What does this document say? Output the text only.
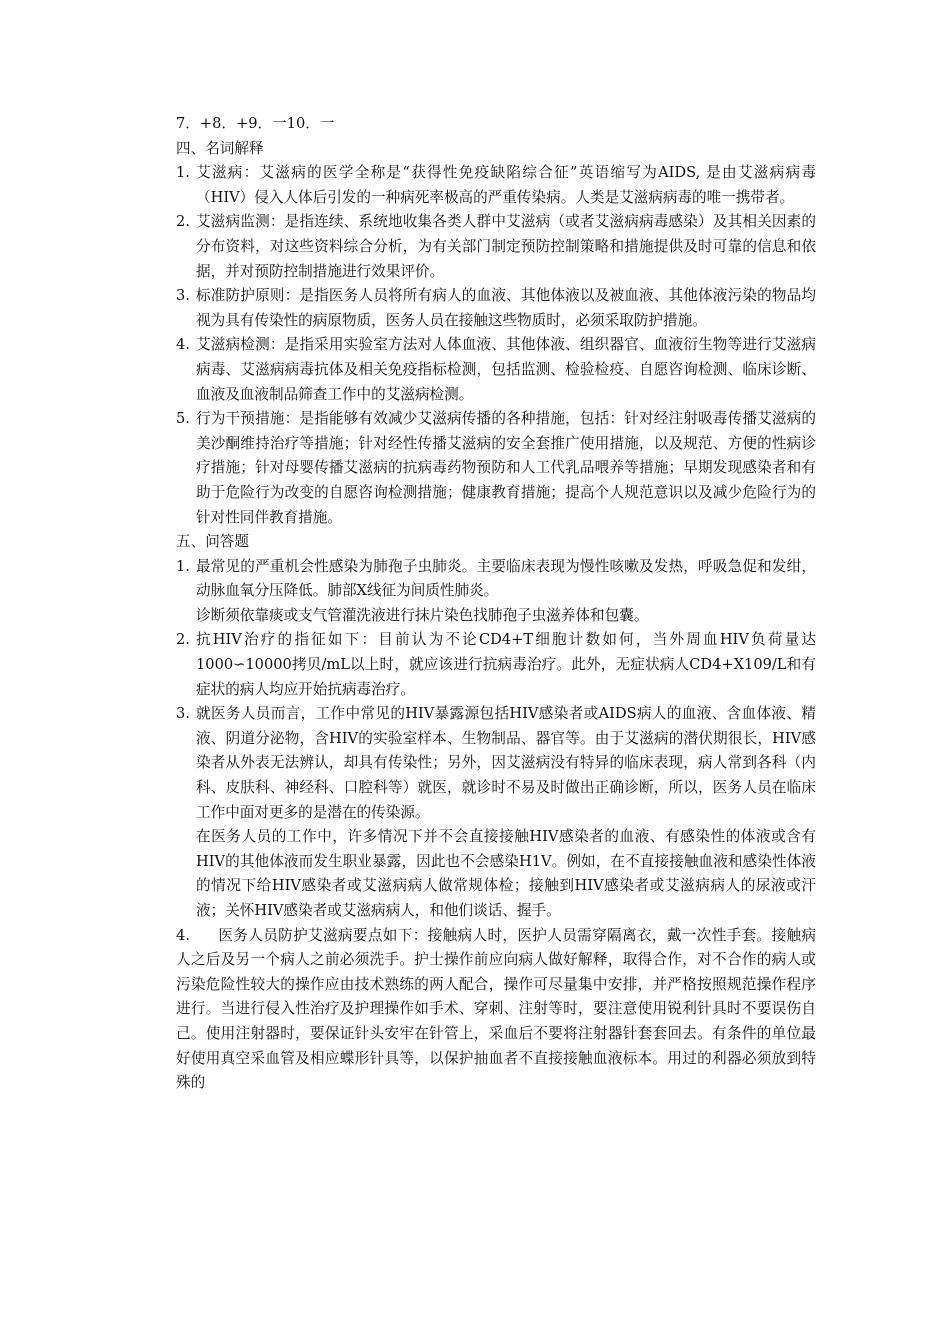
7．+8．+9．一10．一

四、名词解释

1. 艾滋病：艾滋病的医学全称是“获得性免疫缺陷综合征”英语缩写为AIDS, 是由艾滋病病毒（HIV）侵入人体后引发的一种病死率极高的严重传染病。人类是艾滋病病毒的唯一携带者。
2. 艾滋病监测：是指连续、系统地收集各类人群中艾滋病（或者艾滋病病毒感染）及其相关因素的分布资料，对这些资料综合分析，为有关部门制定预防控制策略和措施提供及时可靠的信息和依据，并对预防控制措施进行效果评价。
3. 标准防护原则：是指医务人员将所有病人的血液、其他体液以及被血液、其他体液污染的物品均视为具有传染性的病原物质，医务人员在接触这些物质时，必须采取防护措施。
4. 艾滋病检测：是指采用实验室方法对人体血液、其他体液、组织器官、血液衍生物等进行艾滋病病毒、艾滋病病毒抗体及相关免疫指标检测，包括监测、检验检疫、自愿咨询检测、临床诊断、血液及血液制品筛查工作中的艾滋病检测。
5. 行为干预措施：是指能够有效减少艾滋病传播的各种措施，包括：针对经注射吸毒传播艾滋病的美沙酮维持治疗等措施；针对经性传播艾滋病的安全套推广使用措施，以及规范、方便的性病诊疗措施；针对母婴传播艾滋病的抗病毒药物预防和人工代乳品喂养等措施；早期发现感染者和有助于危险行为改变的自愿咨询检测措施；健康教育措施；提高个人规范意识以及减少危险行为的针对性同伴教育措施。

五、问答题

1. 最常见的严重机会性感染为肺孢子虫肺炎。主要临床表现为慢性咳嗽及发热，呼吸急促和发绀，动脉血氧分压降低。肺部X线征为间质性肺炎。

诊断须依靠痰或支气管灌洗液进行抹片染色找肺孢子虫滋养体和包囊。

2. 抗HIV治疗的指征如下：目前认为不论CD4+T细胞计数如何，当外周血HIV负荷量达1000∽10000拷贝/mL以上时，就应该进行抗病毒治疗。此外，无症状病人CD4+X109/L和有症状的病人均应开始抗病毒治疗。
3. 就医务人员而言，工作中常见的HIV暴露源包括HIV感染者或AIDS病人的血液、含血体液、精液、阴道分泌物，含HIV的实验室样本、生物制品、器官等。由于艾滋病的潜伏期很长，HIV感染者从外表无法辨认，却具有传染性；另外，因艾滋病没有特异的临床表现，病人常到各科（内科、皮肤科、神经科、口腔科等）就医，就诊时不易及时做出正确诊断，所以，医务人员在临床工作中面对更多的是潜在的传染源。

在医务人员的工作中，许多情况下并不会直接接触HIV感染者的血液、有感染性的体液或含有HIV的其他体液而发生职业暴露，因此也不会感染H1V。例如，在不直接接触血液和感染性体液的情况下给HIV感染者或艾滋病病人做常规体检；接触到HIV感染者或艾滋病病人的尿液或汗液；关怀HIV感染者或艾滋病病人，和他们谈话、握手。

4. 医务人员防护艾滋病要点如下：接触病人时，医护人员需穿隔离衣，戴一次性手套。接触病人之后及另一个病人之前必须洗手。护士操作前应向病人做好解释，取得合作，对不合作的病人或污染危险性较大的操作应由技术熟练的两人配合，操作可尽量集中安排，并严格按照规范操作程序进行。当进行侵入性治疗及护理操作如手术、穿刺、注射等时，要注意使用锐利针具时不要误伤自己。使用注射器时，要保证针头安牢在针管上，采血后不要将注射器针套套回去。有条件的单位最好使用真空采血管及相应蝶形针具等，以保护抽血者不直接接触血液标本。用过的利器必须放到特殊的
